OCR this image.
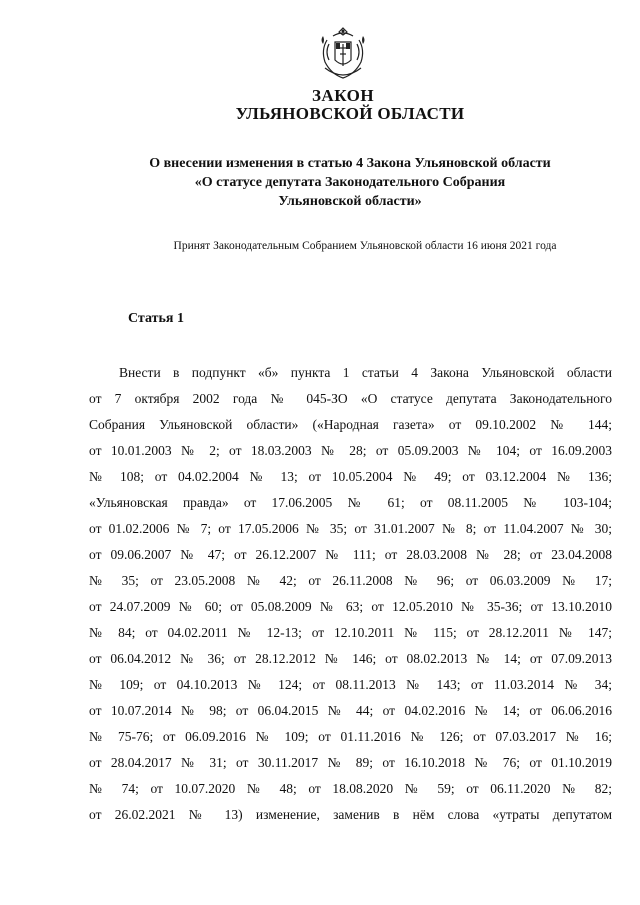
ЗАКОН
УЛЬЯНОВСКОЙ ОБЛАСТИ
О внесении изменения в статью 4 Закона Ульяновской области
«О статусе депутата Законодательного Собрания
Ульяновской области»
Принят Законодательным Собранием Ульяновской области 16 июня 2021 года
Статья 1
Внести в подпункт «б» пункта 1 статьи 4 Закона Ульяновской области
от 7 октября 2002 года № 045-ЗО «О статусе депутата Законодательного
Собрания Ульяновской области» («Народная газета» от 09.10.2002 № 144;
от 10.01.2003 № 2; от 18.03.2003 № 28; от 05.09.2003 № 104; от 16.09.2003
№ 108; от 04.02.2004 № 13; от 10.05.2004 № 49; от 03.12.2004 № 136;
«Ульяновская правда» от 17.06.2005 № 61; от 08.11.2005 № 103-104;
от 01.02.2006 № 7; от 17.05.2006 № 35; от 31.01.2007 № 8; от 11.04.2007 № 30;
от 09.06.2007 № 47; от 26.12.2007 № 111; от 28.03.2008 № 28; от 23.04.2008
№ 35; от 23.05.2008 № 42; от 26.11.2008 № 96; от 06.03.2009 № 17;
от 24.07.2009 № 60; от 05.08.2009 № 63; от 12.05.2010 № 35-36; от 13.10.2010
№ 84; от 04.02.2011 № 12-13; от 12.10.2011 № 115; от 28.12.2011 № 147;
от 06.04.2012 № 36; от 28.12.2012 № 146; от 08.02.2013 № 14; от 07.09.2013
№ 109; от 04.10.2013 № 124; от 08.11.2013 № 143; от 11.03.2014 № 34;
от 10.07.2014 № 98; от 06.04.2015 № 44; от 04.02.2016 № 14; от 06.06.2016
№ 75-76; от 06.09.2016 № 109; от 01.11.2016 № 126; от 07.03.2017 № 16;
от 28.04.2017 № 31; от 30.11.2017 № 89; от 16.10.2018 № 76; от 01.10.2019
№ 74; от 10.07.2020 № 48; от 18.08.2020 № 59; от 06.11.2020 № 82;
от 26.02.2021 № 13) изменение, заменив в нём слова «утраты депутатом
